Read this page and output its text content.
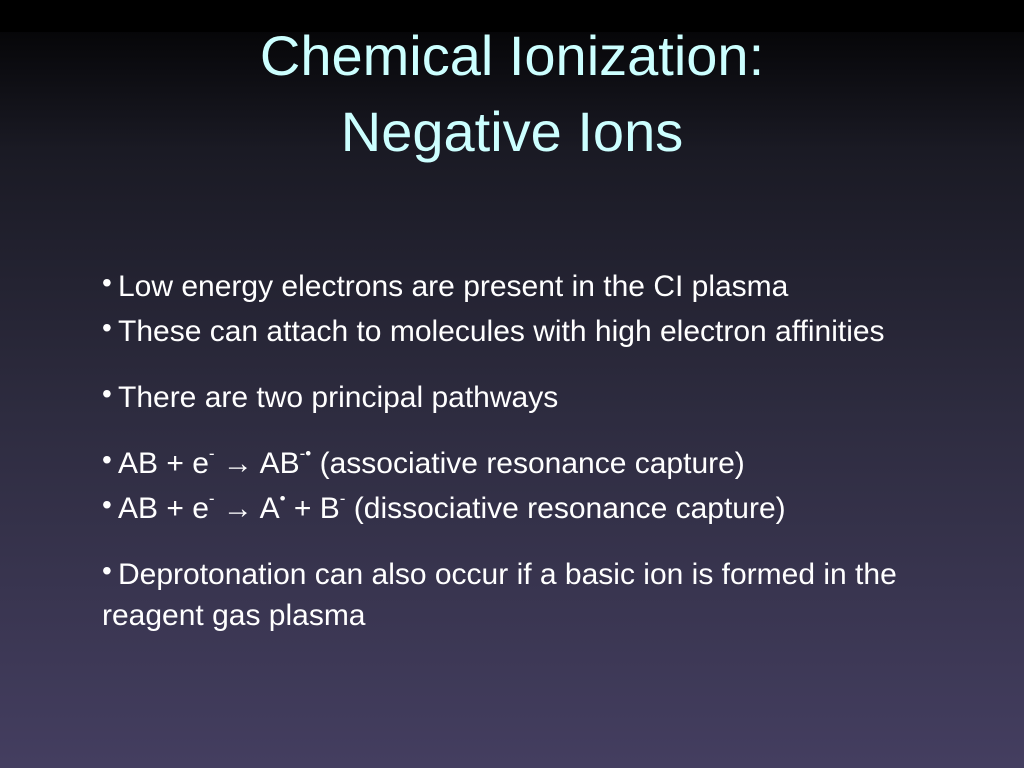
Chemical Ionization:
Negative Ions

• Low energy electrons are present in the CI plasma

• These can attach to molecules with high electron affinities

• There are two principal pathways

• AB + e- → AB-• (associative resonance capture)

• AB + e- → A• + B- (dissociative resonance capture)

• Deprotonation can also occur if a basic ion is formed in the reagent gas plasma
